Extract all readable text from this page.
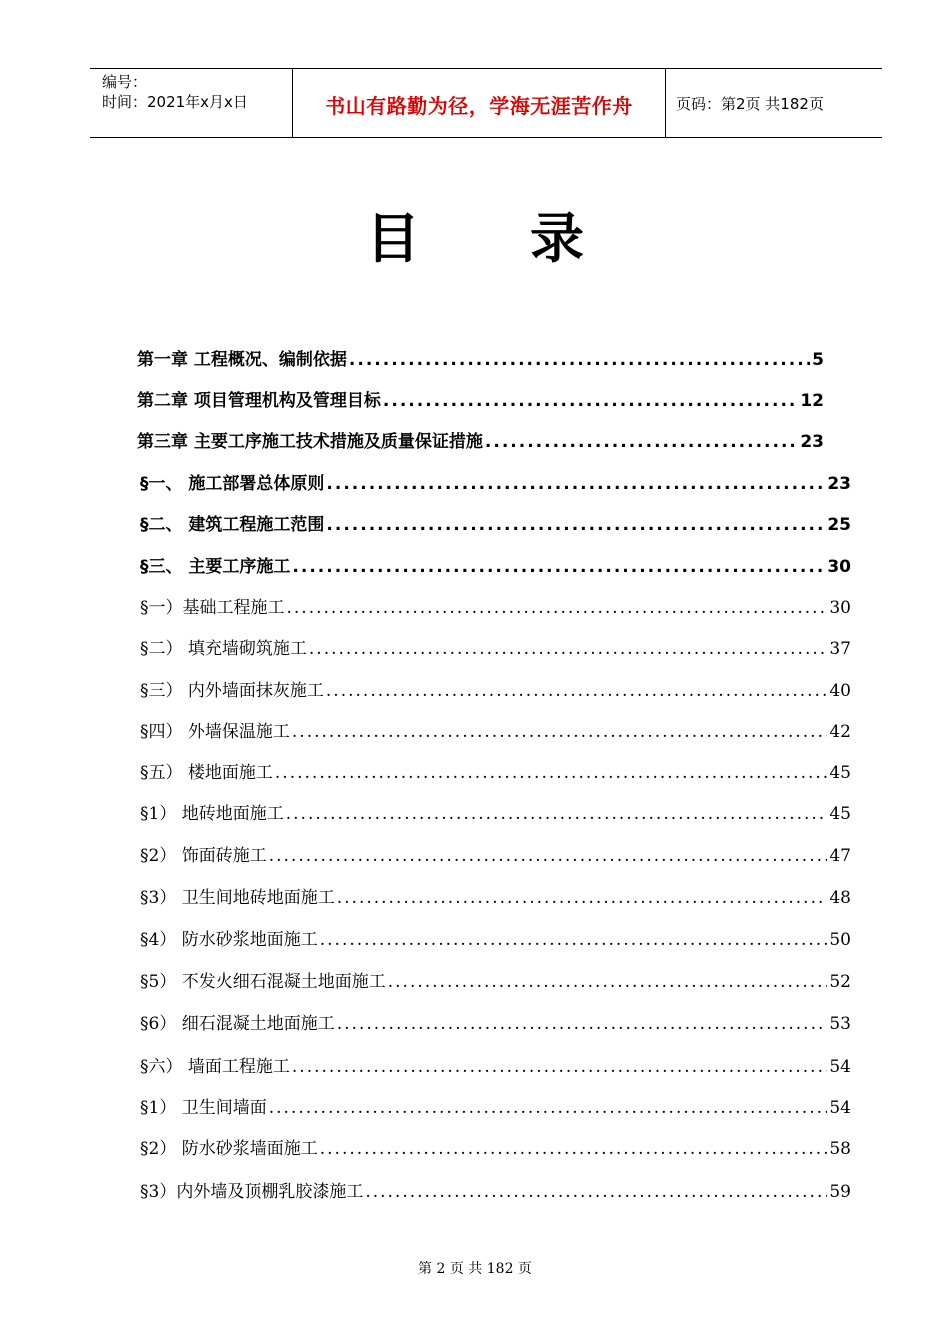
编号：
时间：2021年x月x日	书山有路勤为径，学海无涯苦作舟	页码：第2页 共182页
目 录
第一章 工程概况、编制依据 .....	5
第二章 项目管理机构及管理目标 .....	12
第三章 主要工序施工技术措施及质量保证措施 .....	23
§一、 施工部署总体原则 .....	23
§二、 建筑工程施工范围 .....	25
§三、 主要工序施工 .....	30
§一）基础工程施工 .....	30
§二） 填充墙砌筑施工 .....	37
§三） 内外墙面抹灰施工 .....	40
§四） 外墙保温施工 .....	42
§五） 楼地面施工 .....	45
§1） 地砖地面施工 .....	45
§2） 饰面砖施工 .....	47
§3） 卫生间地砖地面施工 .....	48
§4） 防水砂浆地面施工 .....	50
§5） 不发火细石混凝土地面施工 .....	52
§6） 细石混凝土地面施工 .....	53
§六） 墙面工程施工 .....	54
§1） 卫生间墙面 .....	54
§2） 防水砂浆墙面施工 .....	58
§3）内外墙及顶棚乳胶漆施工 .....	59
第 2 页 共 182 页
